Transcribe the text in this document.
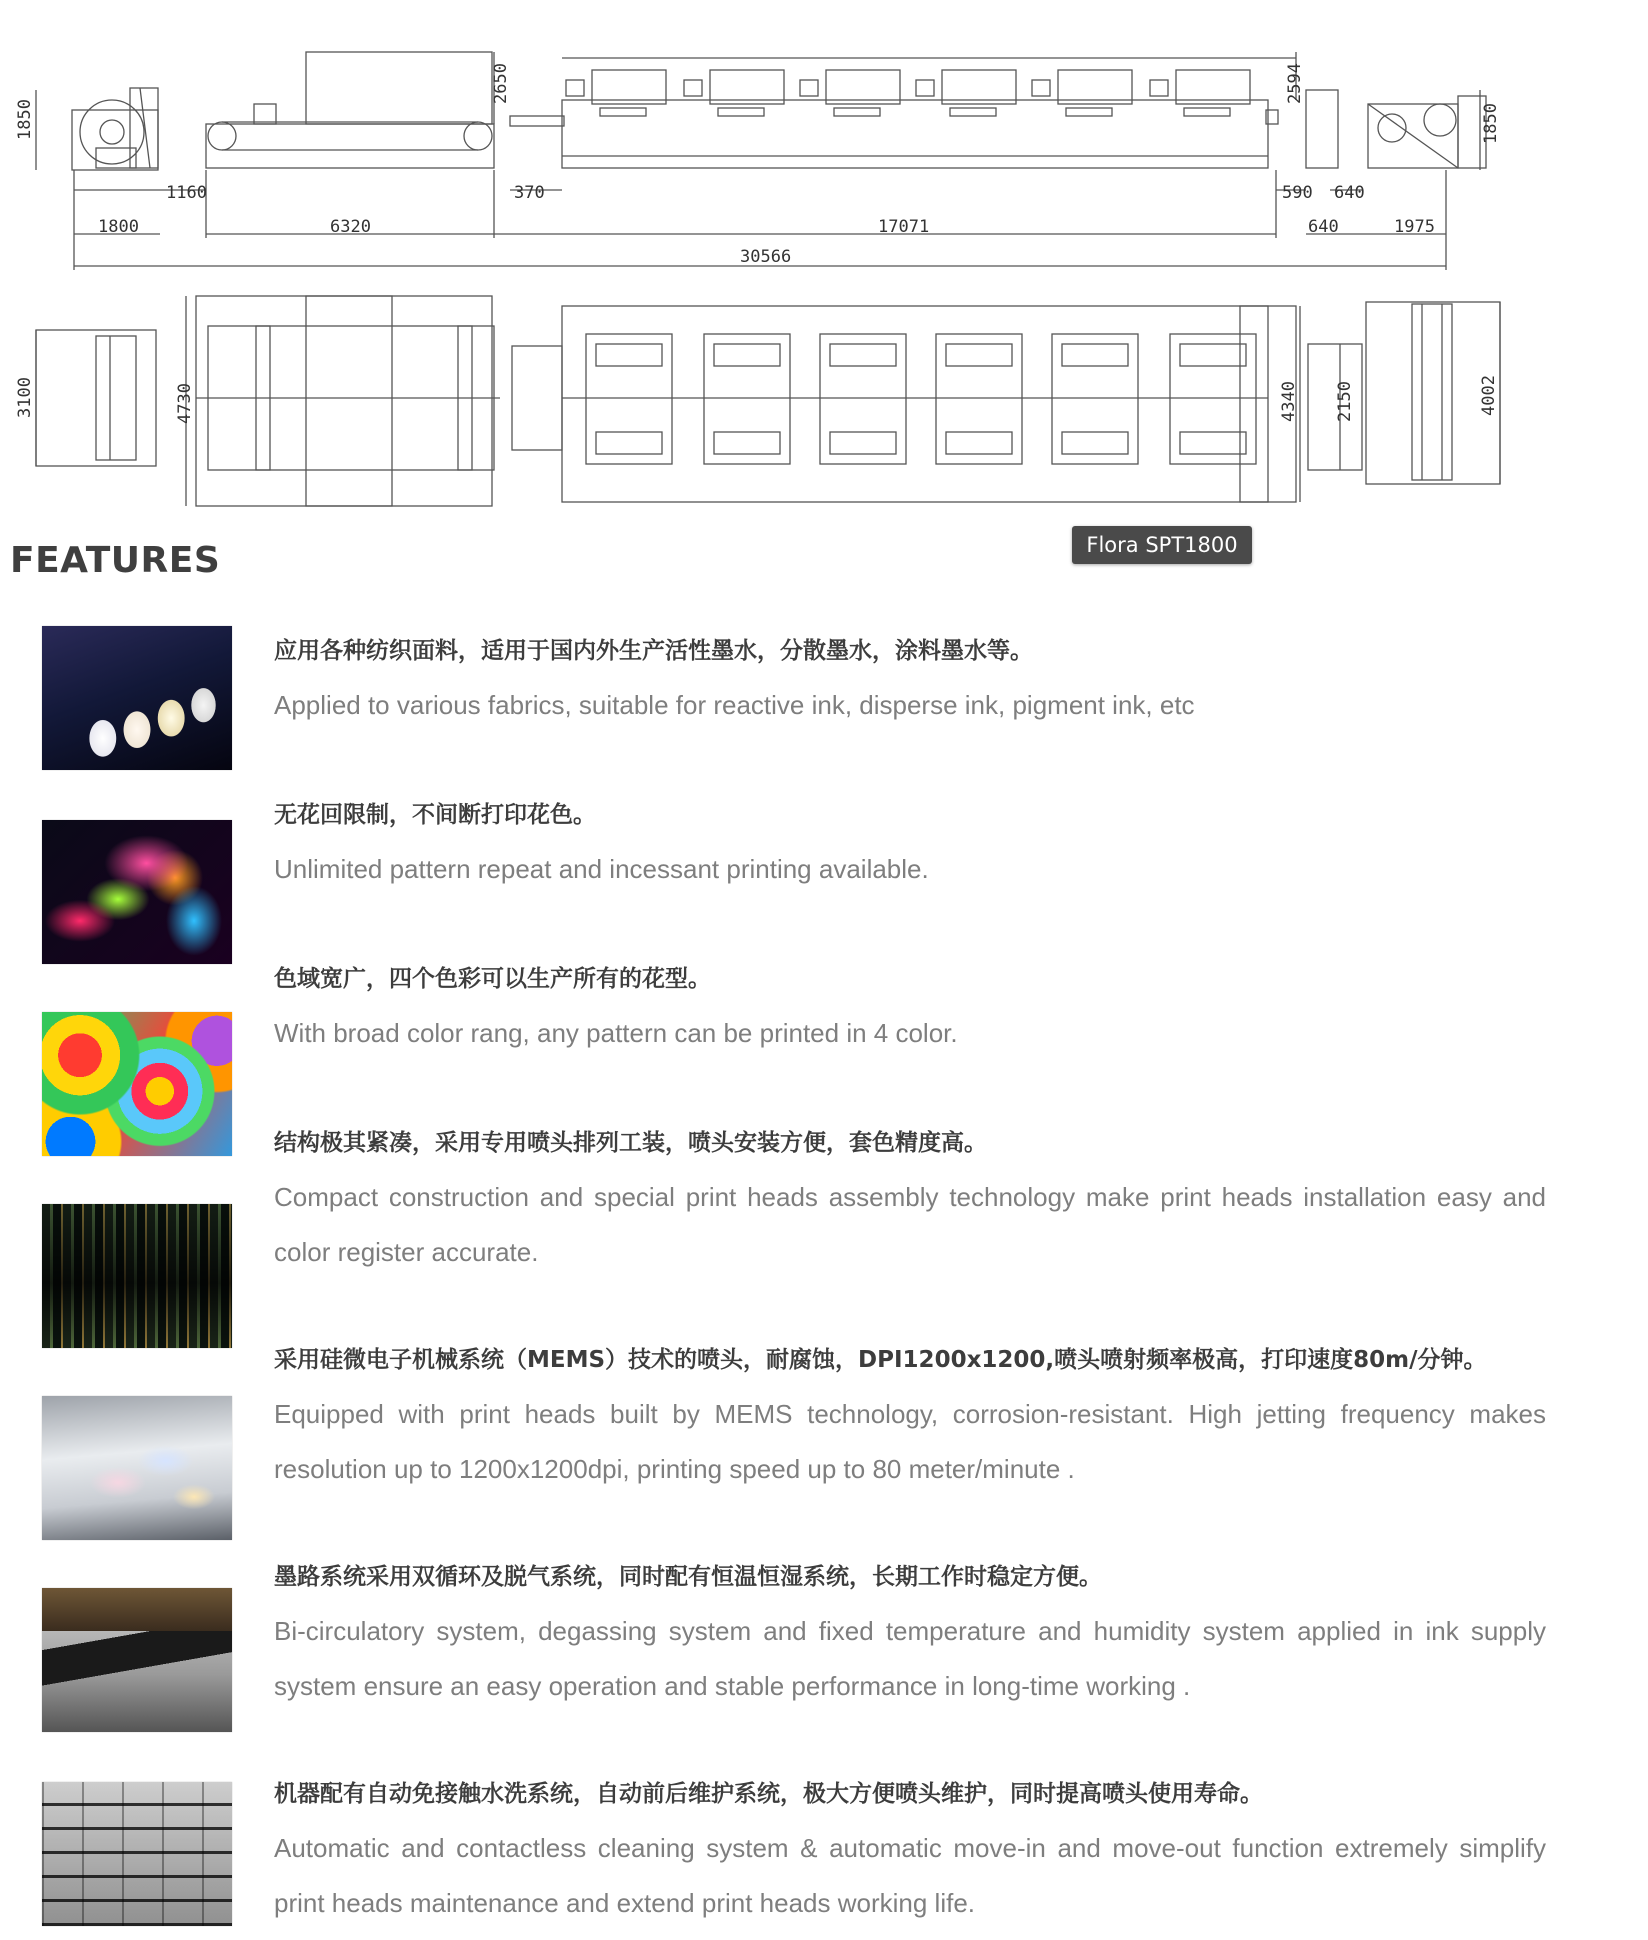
1850
1160
1800	6320
2650
370
17071
2594
590 640
640	1975
1850
30566
3100	4730	4340 2150	4002
Flora SPT1800
FEATURES

应用各种纺织面料，适用于国内外生产活性墨水，分散墨水，涂料墨水等。

Applied to various fabrics, suitable for reactive ink, disperse ink, pigment ink, etc

无花回限制，不间断打印花色。

Unlimited pattern repeat and incessant printing available.

色域宽广，四个色彩可以生产所有的花型。

With broad color rang, any pattern can be printed in 4 color.

结构极其紧凑，采用专用喷头排列工装，喷头安装方便，套色精度高。

Compact construction and special print heads assembly technology make print heads installation easy and color register accurate.

采用硅微电子机械系统（MEMS）技术的喷头，耐腐蚀，DPI1200x1200,喷头喷射频率极高，打印速度80m/分钟。

Equipped with print heads built by MEMS technology, corrosion-resistant. High jetting frequency makes resolution up to 1200x1200dpi, printing speed up to 80 meter/minute .

墨路系统采用双循环及脱气系统，同时配有恒温恒湿系统，长期工作时稳定方便。

Bi-circulatory system, degassing system and fixed temperature and humidity system applied in ink supply system ensure an easy operation and stable performance in long-time working .

机器配有自动免接触水洗系统，自动前后维护系统，极大方便喷头维护，同时提高喷头使用寿命。

Automatic and contactless cleaning system & automatic move-in and move-out function extremely simplify print heads maintenance and extend print heads working life.
